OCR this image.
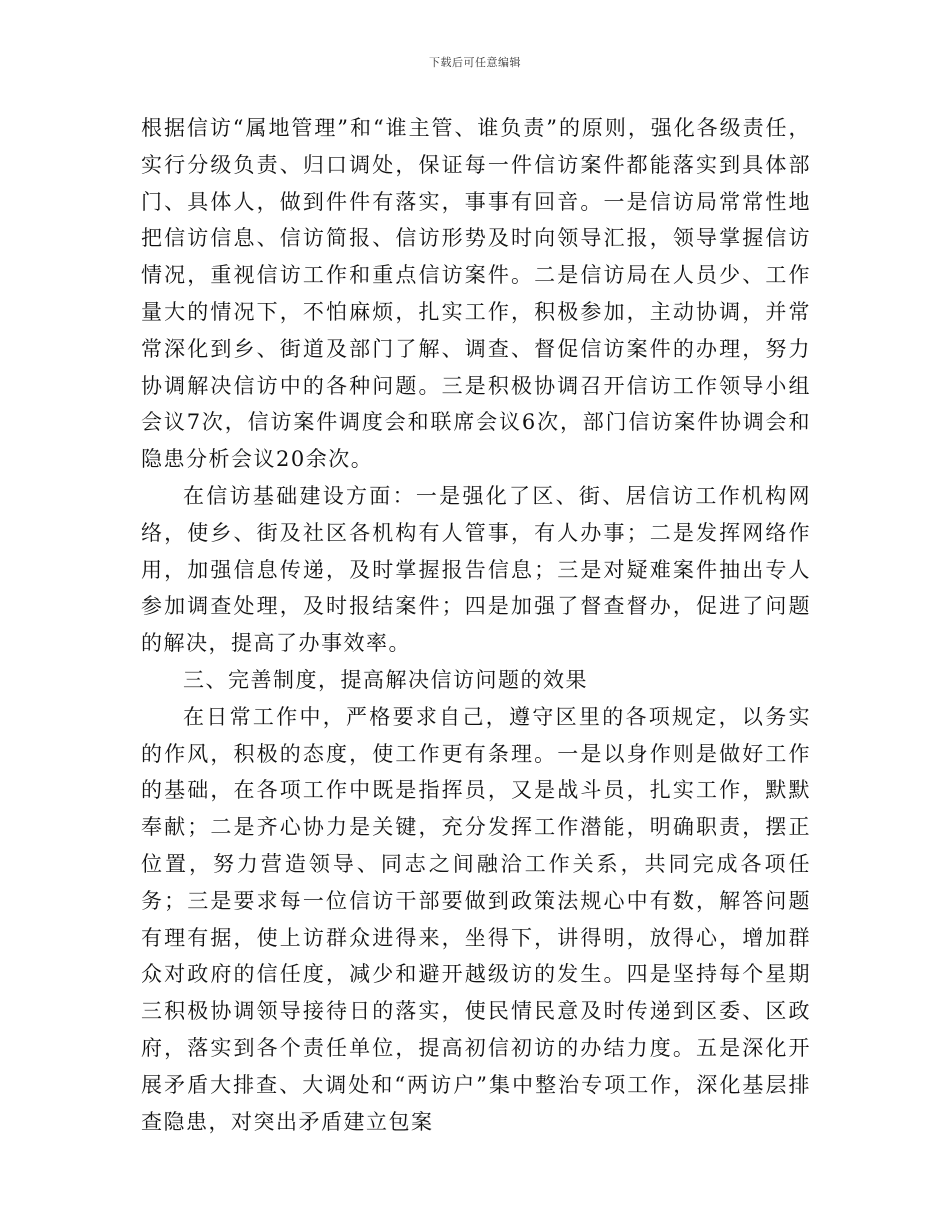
下载后可任意编辑

根据信访“属地管理”和“谁主管、谁负责”的原则，强化各级责任，实行分级负责、归口调处，保证每一件信访案件都能落实到具体部门、具体人，做到件件有落实，事事有回音。一是信访局常常性地把信访信息、信访简报、信访形势及时向领导汇报，领导掌握信访情况，重视信访工作和重点信访案件。二是信访局在人员少、工作量大的情况下，不怕麻烦，扎实工作，积极参加，主动协调，并常常深化到乡、街道及部门了解、调查、督促信访案件的办理，努力协调解决信访中的各种问题。三是积极协调召开信访工作领导小组会议7次，信访案件调度会和联席会议6次，部门信访案件协调会和隐患分析会议20余次。

在信访基础建设方面：一是强化了区、街、居信访工作机构网络，使乡、街及社区各机构有人管事，有人办事；二是发挥网络作用，加强信息传递，及时掌握报告信息；三是对疑难案件抽出专人参加调查处理，及时报结案件；四是加强了督查督办，促进了问题的解决，提高了办事效率。

三、完善制度，提高解决信访问题的效果

在日常工作中，严格要求自己，遵守区里的各项规定，以务实的作风，积极的态度，使工作更有条理。一是以身作则是做好工作的基础，在各项工作中既是指挥员，又是战斗员，扎实工作，默默奉献；二是齐心协力是关键，充分发挥工作潜能，明确职责，摆正位置，努力营造领导、同志之间融洽工作关系，共同完成各项任务；三是要求每一位信访干部要做到政策法规心中有数，解答问题有理有据，使上访群众进得来，坐得下，讲得明，放得心，增加群众对政府的信任度，减少和避开越级访的发生。四是坚持每个星期三积极协调领导接待日的落实，使民情民意及时传递到区委、区政府，落实到各个责任单位，提高初信初访的办结力度。五是深化开展矛盾大排查、大调处和“两访户”集中整治专项工作，深化基层排查隐患，对突出矛盾建立包案
